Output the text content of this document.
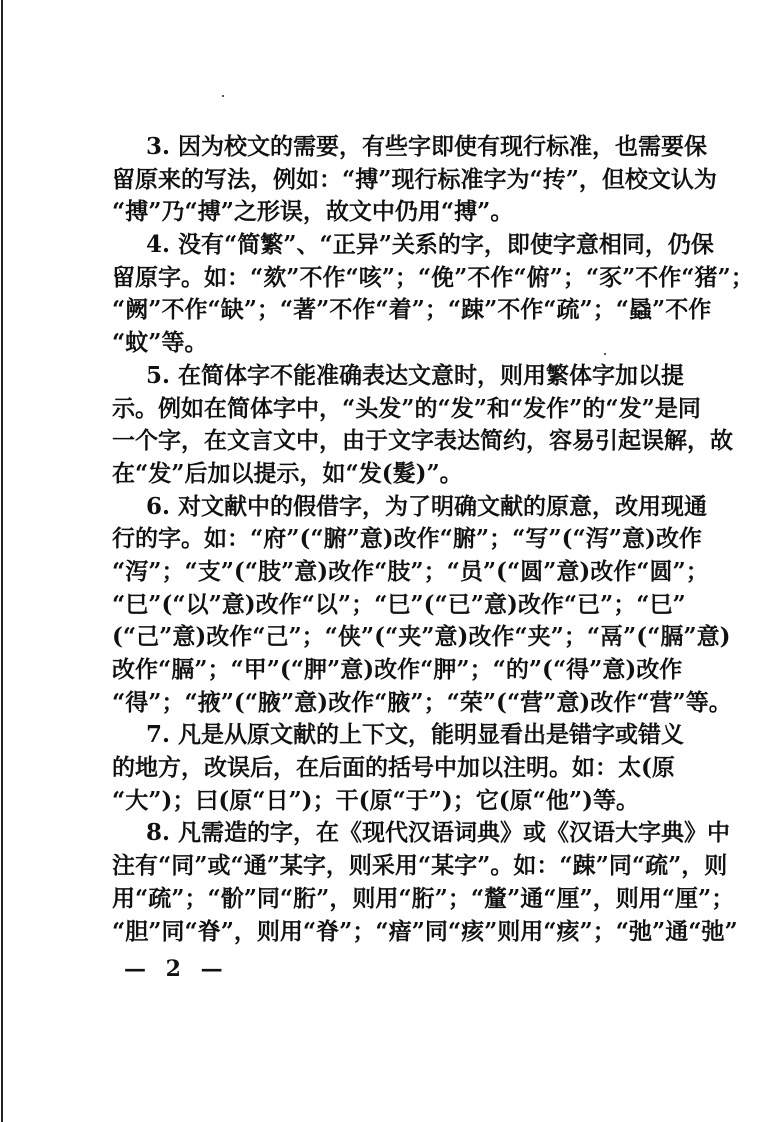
3. 因为校文的需要，有些字即使有现行标准，也需要保
留原来的写法，例如：“搏”现行标准字为“抟”，但校文认为
“搏”乃“搏”之形误，故文中仍用“搏”。
4. 没有“简繁”、“正异”关系的字，即使字意相同，仍保
留原字。如：“欬”不作“咳”；“俛”不作“俯”；“豕”不作“猪”；
“阙”不作“缺”；“著”不作“着”；“踈”不作“疏”；“蟁”不作
“蚊”等。
5. 在简体字不能准确表达文意时，则用繁体字加以提
示。例如在简体字中，“头发”的“发”和“发作”的“发”是同
一个字，在文言文中，由于文字表达简约，容易引起误解，故
在“发”后加以提示，如“发(髮)”。
6. 对文献中的假借字，为了明确文献的原意，改用现通
行的字。如：“府”(“腑”意)改作“腑”；“写”(“泻”意)改作
“泻”；“支”(“肢”意)改作“肢”；“员”(“圆”意)改作“圆”；
“巳”(“以”意)改作“以”；“巳”(“已”意)改作“已”；“巳”
(“己”意)改作“己”；“侠”(“夹”意)改作“夹”；“鬲”(“膈”意)
改作“膈”；“甲”(“胛”意)改作“胛”；“的”(“得”意)改作
“得”；“掖”(“腋”意)改作“腋”；“荣”(“营”意)改作“营”等。
7. 凡是从原文献的上下文，能明显看出是错字或错义
的地方，改误后，在后面的括号中加以注明。如：太(原
“大”)；曰(原“日”)；干(原“于”)；它(原“他”)等。
8. 凡需造的字，在《现代汉语词典》或《汉语大字典》中
注有“同”或“通”某字，则采用“某字”。如：“踈”同“疏”，则
用“疏”；“骱”同“胻”，则用“胻”；“釐”通“厘”，则用“厘”；
“胆”同“脊”，则用“脊”；“瘖”同“痎”则用“痎”；“弛”通“弛”
— 2 —
